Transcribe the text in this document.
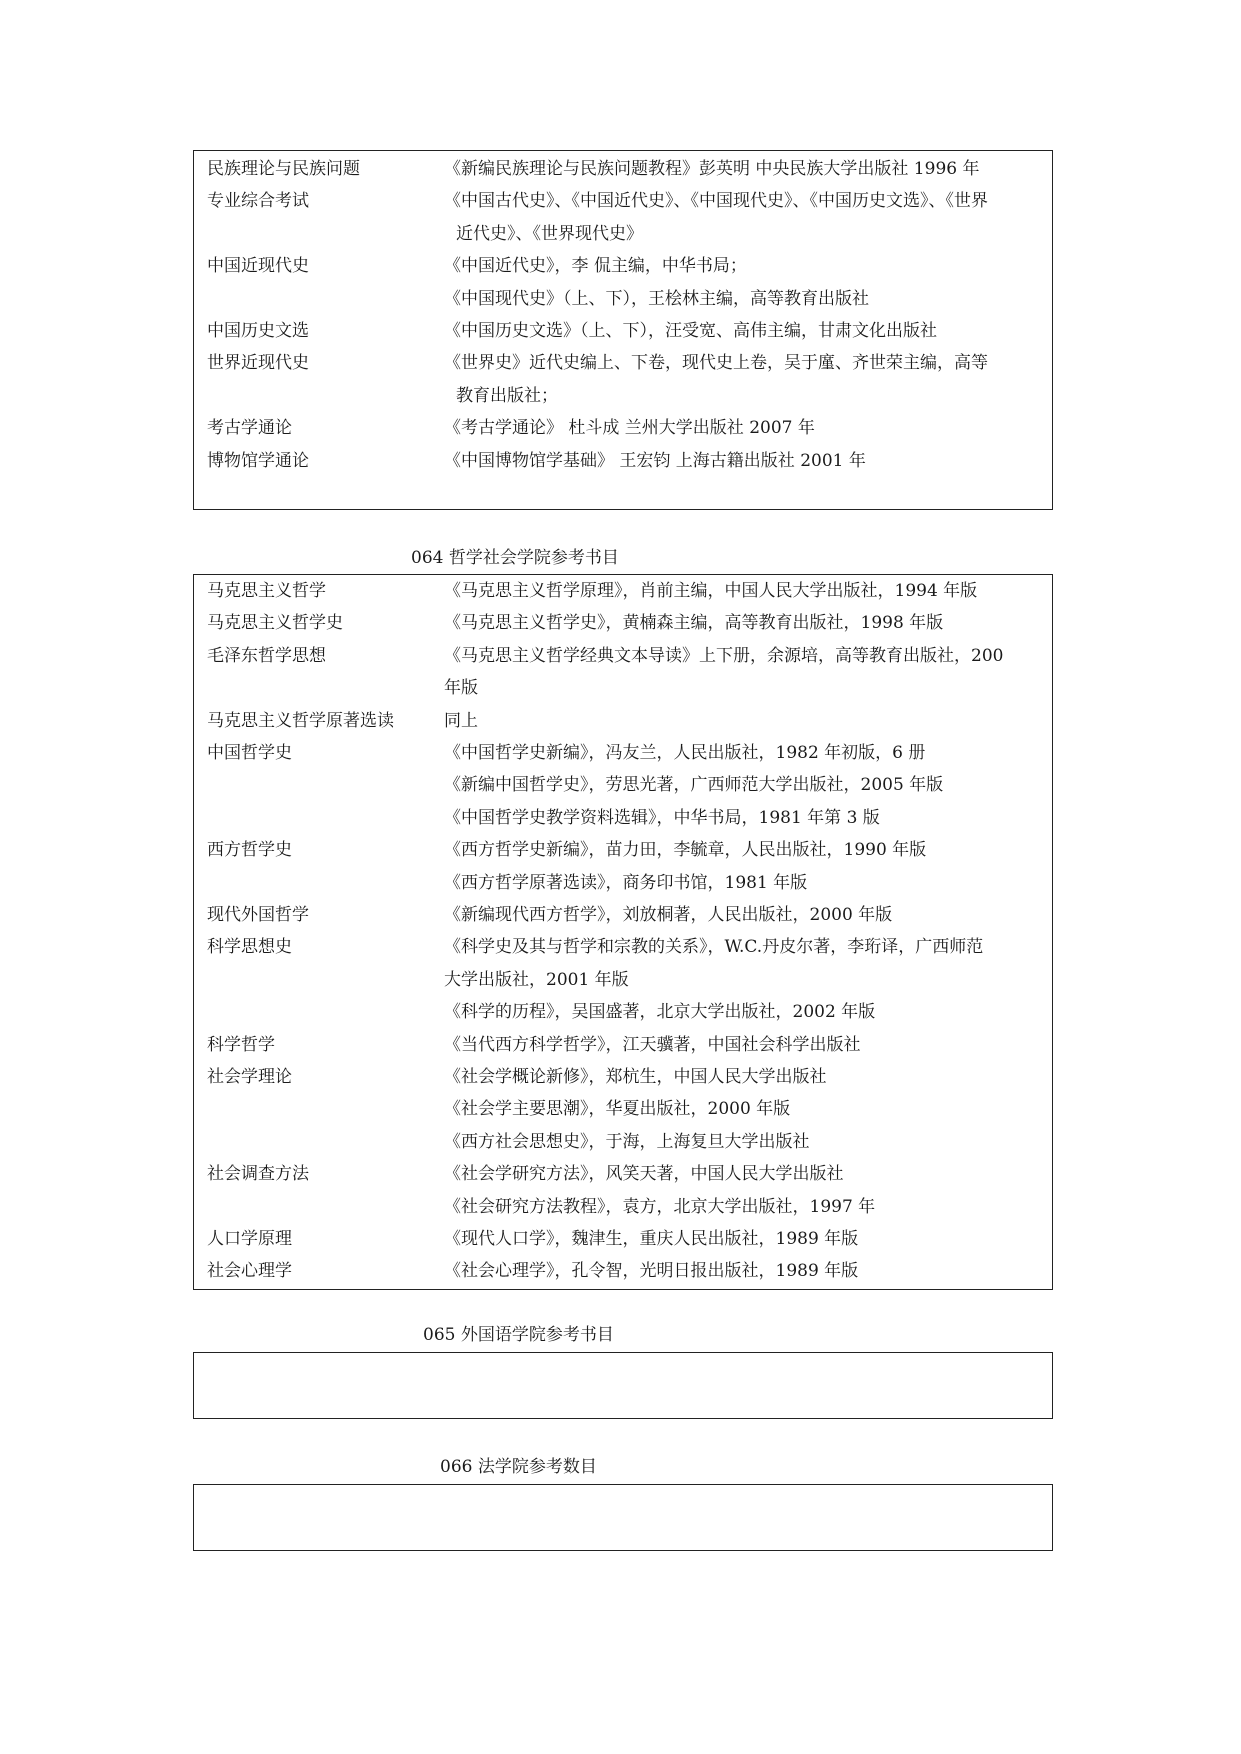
民族理论与民族问题	《新编民族理论与民族问题教程》彭英明 中央民族大学出版社 1996 年
专业综合考试	《中国古代史》、《中国近代史》、《中国现代史》、《中国历史文选》、《世界
近代史》、《世界现代史》
中国近现代史	《中国近代史》，李 侃主编，中华书局；
《中国现代史》（上、下），王桧林主编，高等教育出版社
中国历史文选	《中国历史文选》（上、下），汪受宽、高伟主编，甘肃文化出版社
世界近现代史	《世界史》近代史编上、下卷，现代史上卷，吴于廑、齐世荣主编，高等
教育出版社；
考古学通论	《考古学通论》 杜斗成 兰州大学出版社 2007 年
博物馆学通论	《中国博物馆学基础》 王宏钧 上海古籍出版社 2001 年
064 哲学社会学院参考书目
马克思主义哲学	《马克思主义哲学原理》，肖前主编，中国人民大学出版社，1994 年版
马克思主义哲学史	《马克思主义哲学史》，黄楠森主编，高等教育出版社，1998 年版
毛泽东哲学思想	《马克思主义哲学经典文本导读》上下册，余源培，高等教育出版社，200
年版
马克思主义哲学原著选读	同上
中国哲学史	《中国哲学史新编》，冯友兰，人民出版社，1982 年初版，6 册
《新编中国哲学史》，劳思光著，广西师范大学出版社，2005 年版
《中国哲学史教学资料选辑》，中华书局，1981 年第 3 版
西方哲学史	《西方哲学史新编》，苗力田，李毓章，人民出版社，1990 年版
《西方哲学原著选读》，商务印书馆，1981 年版
现代外国哲学	《新编现代西方哲学》，刘放桐著，人民出版社，2000 年版
科学思想史	《科学史及其与哲学和宗教的关系》，W.C.丹皮尔著，李珩译，广西师范
大学出版社，2001 年版
《科学的历程》，吴国盛著，北京大学出版社，2002 年版
科学哲学	《当代西方科学哲学》，江天骥著，中国社会科学出版社
社会学理论	《社会学概论新修》，郑杭生，中国人民大学出版社
《社会学主要思潮》，华夏出版社，2000 年版
《西方社会思想史》，于海，上海复旦大学出版社
社会调查方法	《社会学研究方法》，风笑天著，中国人民大学出版社
《社会研究方法教程》，袁方，北京大学出版社，1997 年
人口学原理	《现代人口学》，魏津生，重庆人民出版社，1989 年版
社会心理学	《社会心理学》，孔令智，光明日报出版社，1989 年版
065 外国语学院参考书目
066 法学院参考数目
